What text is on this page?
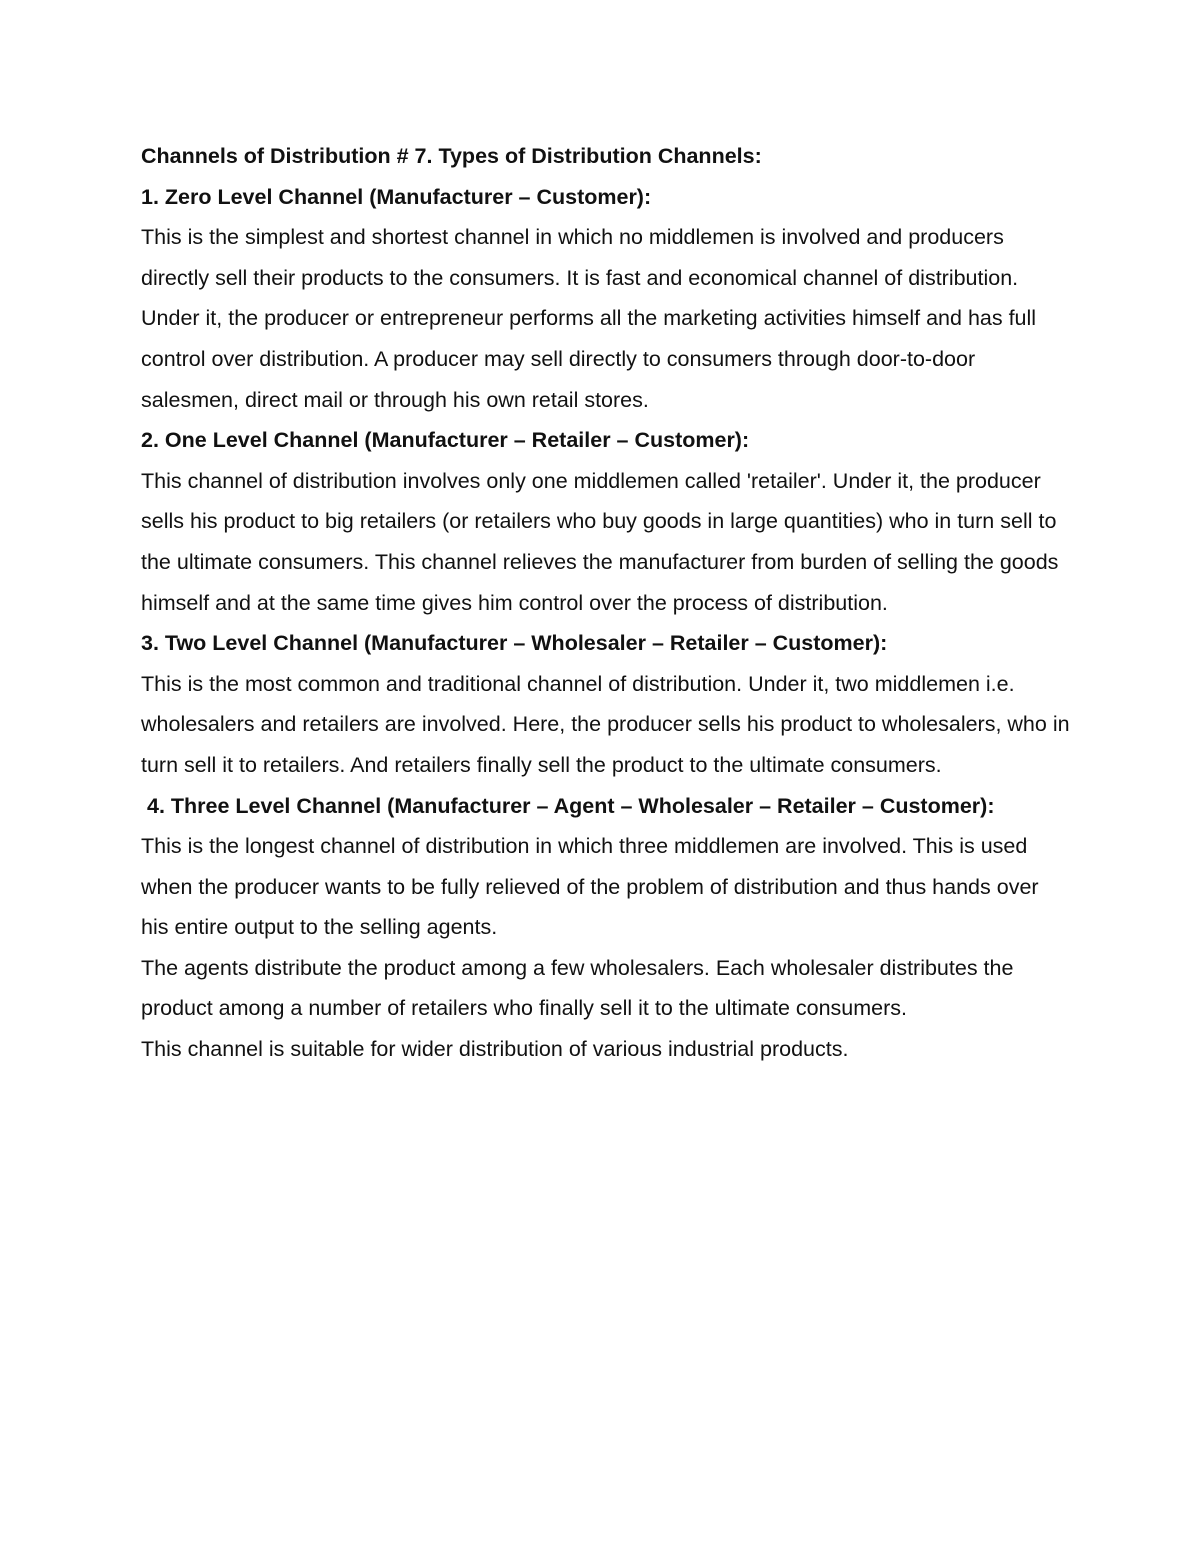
Channels of Distribution # 7. Types of Distribution Channels:

1. Zero Level Channel (Manufacturer – Customer):

This is the simplest and shortest channel in which no middlemen is involved and producers directly sell their products to the consumers. It is fast and economical channel of distribution. Under it, the producer or entrepreneur performs all the marketing activities himself and has full control over distribution. A producer may sell directly to consumers through door-to-door salesmen, direct mail or through his own retail stores.

2. One Level Channel (Manufacturer – Retailer – Customer):

This channel of distribution involves only one middlemen called 'retailer'. Under it, the producer sells his product to big retailers (or retailers who buy goods in large quantities) who in turn sell to the ultimate consumers. This channel relieves the manufacturer from burden of selling the goods himself and at the same time gives him control over the process of distribution.

3. Two Level Channel (Manufacturer – Wholesaler – Retailer – Customer):

This is the most common and traditional channel of distribution. Under it, two middlemen i.e. wholesalers and retailers are involved. Here, the producer sells his product to wholesalers, who in turn sell it to retailers. And retailers finally sell the product to the ultimate consumers.

4. Three Level Channel (Manufacturer – Agent – Wholesaler – Retailer – Customer):

This is the longest channel of distribution in which three middlemen are involved. This is used when the producer wants to be fully relieved of the problem of distribution and thus hands over his entire output to the selling agents.

The agents distribute the product among a few wholesalers. Each wholesaler distributes the product among a number of retailers who finally sell it to the ultimate consumers.

This channel is suitable for wider distribution of various industrial products.
